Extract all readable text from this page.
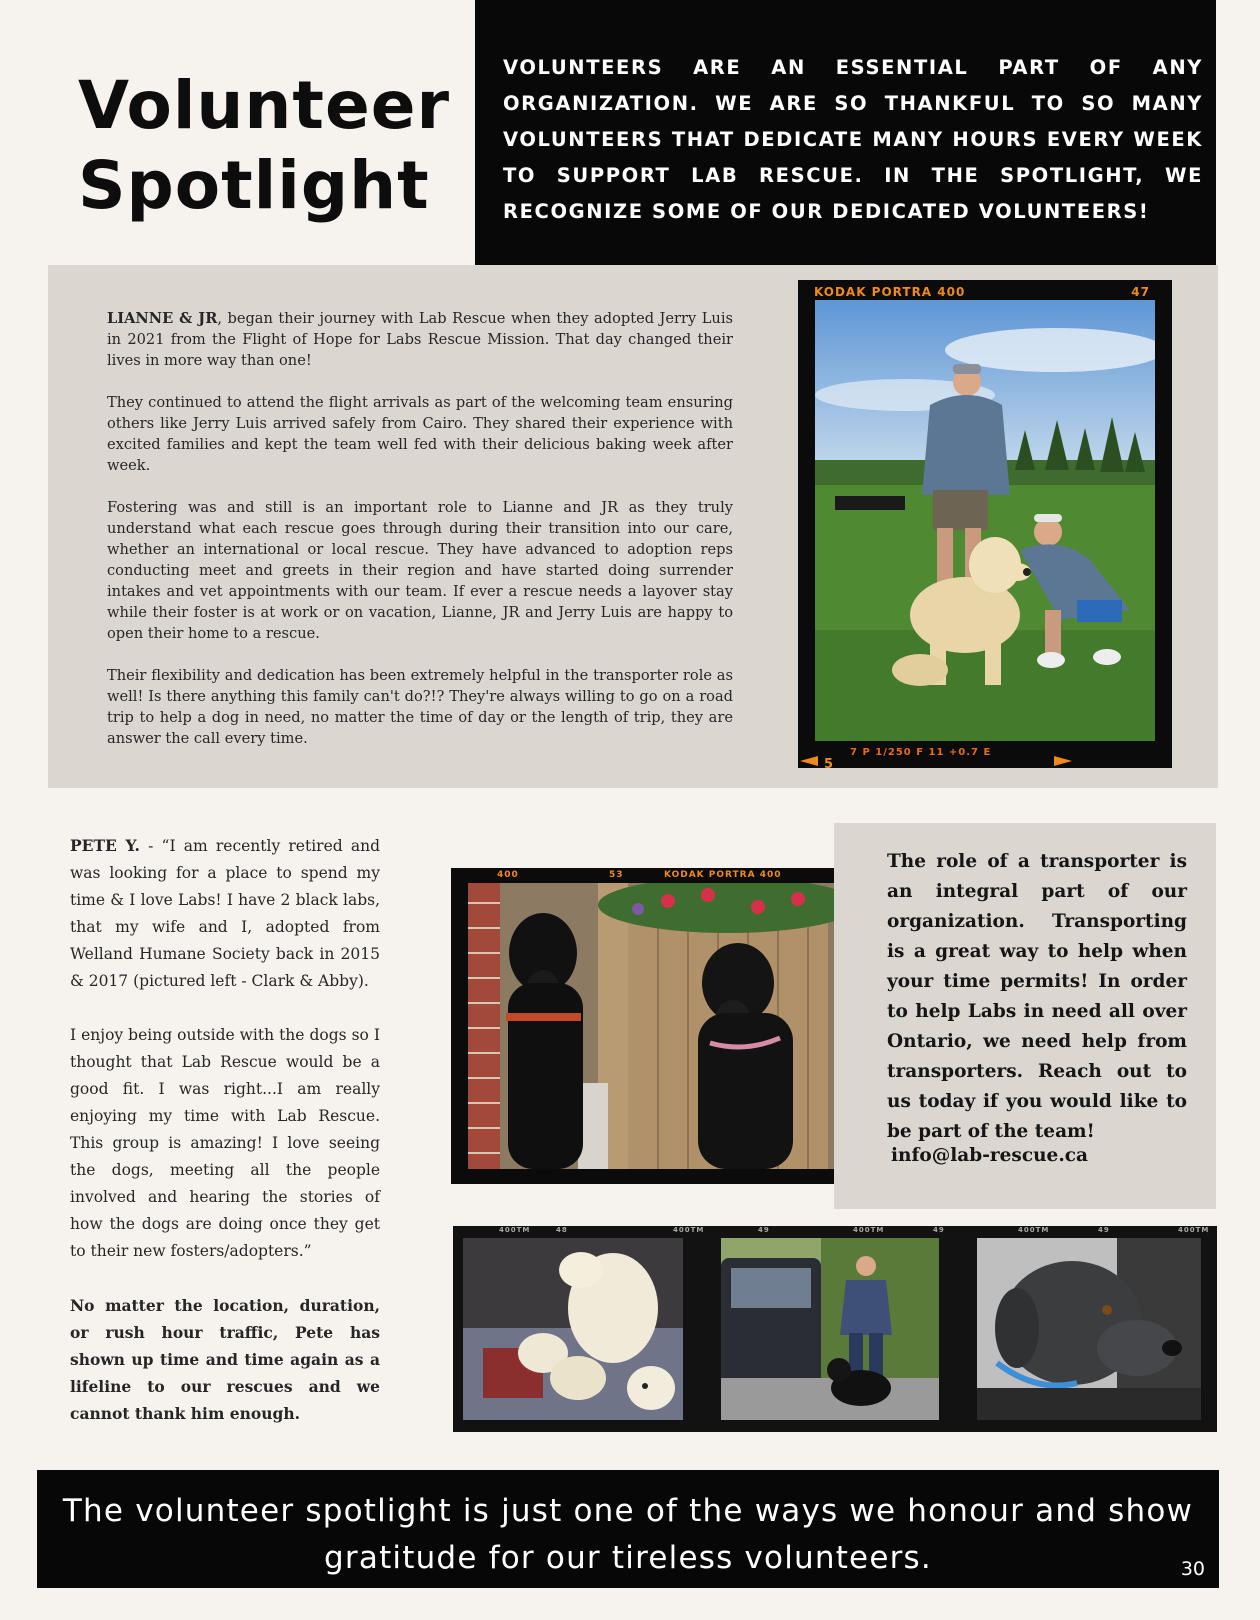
Volunteer
Spotlight
VOLUNTEERS ARE AN ESSENTIAL PART OF ANY ORGANIZATION. WE ARE SO THANKFUL TO SO MANY VOLUNTEERS THAT DEDICATE MANY HOURS EVERY WEEK TO SUPPORT LAB RESCUE. IN THE SPOTLIGHT, WE RECOGNIZE SOME OF OUR DEDICATED VOLUNTEERS!

LIANNE & JR, began their journey with Lab Rescue when they adopted Jerry Luis in 2021 from the Flight of Hope for Labs Rescue Mission. That day changed their lives in more way than one!

They continued to attend the flight arrivals as part of the welcoming team ensuring others like Jerry Luis arrived safely from Cairo. They shared their experience with excited families and kept the team well fed with their delicious baking week after week.

Fostering was and still is an important role to Lianne and JR as they truly understand what each rescue goes through during their transition into our care, whether an international or local rescue. They have advanced to adoption reps conducting meet and greets in their region and have started doing surrender intakes and vet appointments with our team. If ever a rescue needs a layover stay while their foster is at work or on vacation, Lianne, JR and Jerry Luis are happy to open their home to a rescue.

Their flexibility and dedication has been extremely helpful in the transporter role as well! Is there anything this family can't do?!? They're always willing to go on a road trip to help a dog in need, no matter the time of day or the length of trip, they are answer the call every time.

KODAK PORTRA 400	47
7 P 1/250 F 11 +0.7 E
5

PETE Y. - “I am recently retired and was looking for a place to spend my time & I love Labs! I have 2 black labs, that my wife and I, adopted from Welland Humane Society back in 2015 & 2017 (pictured left - Clark & Abby).

I enjoy being outside with the dogs so I thought that Lab Rescue would be a good fit. I was right...I am really enjoying my time with Lab Rescue. This group is amazing! I love seeing the dogs, meeting all the people involved and hearing the stories of how the dogs are doing once they get to their new fosters/adopters.”

No matter the location, duration, or rush hour traffic, Pete has shown up time and time again as a lifeline to our rescues and we cannot thank him enough.

400	53	KODAK PORTRA 400
The role of a transporter is an integral part of our organization. Transporting is a great way to help when your time permits! In order to help Labs in need all over Ontario, we need help from transporters. Reach out to us today if you would like to be part of the team!
info@lab-rescue.ca
400TM	48	400TM	49	400TM	49	400TM	49	400TM
The volunteer spotlight is just one of the ways we honour and show gratitude for our tireless volunteers.	30
